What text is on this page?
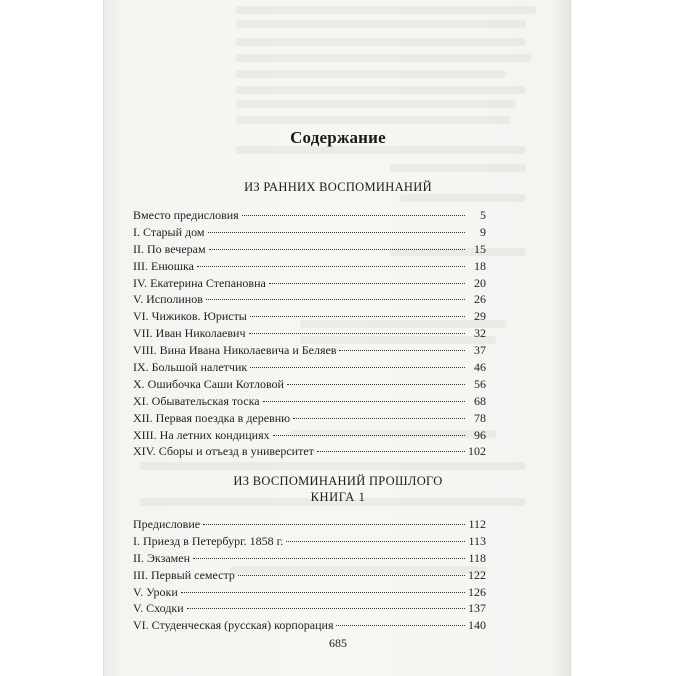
Содержание
ИЗ РАННИХ ВОСПОМИНАНИЙ
Вместо предисловия	5
I. Старый дом	9
II. По вечерам	15
III. Енюшка	18
IV. Екатерина Степановна	20
V. Исполинов	26
VI. Чижиков. Юристы	29
VII. Иван Николаевич	32
VIII. Вина Ивана Николаевича и Беляев	37
IX. Большой налетчик	46
X. Ошибочка Саши Котловой	56
XI. Обывательская тоска	68
XII. Первая поездка в деревню	78
XIII. На летних кондициях	96
XIV. Сборы и отъезд в университет	102
ИЗ ВОСПОМИНАНИЙ ПРОШЛОГО
КНИГА 1
Предисловие	112
I. Приезд в Петербург. 1858 г.	113
II. Экзамен	118
III. Первый семестр	122
V. Уроки	126
V. Сходки	137
VI. Студенческая (русская) корпорация	140
685
